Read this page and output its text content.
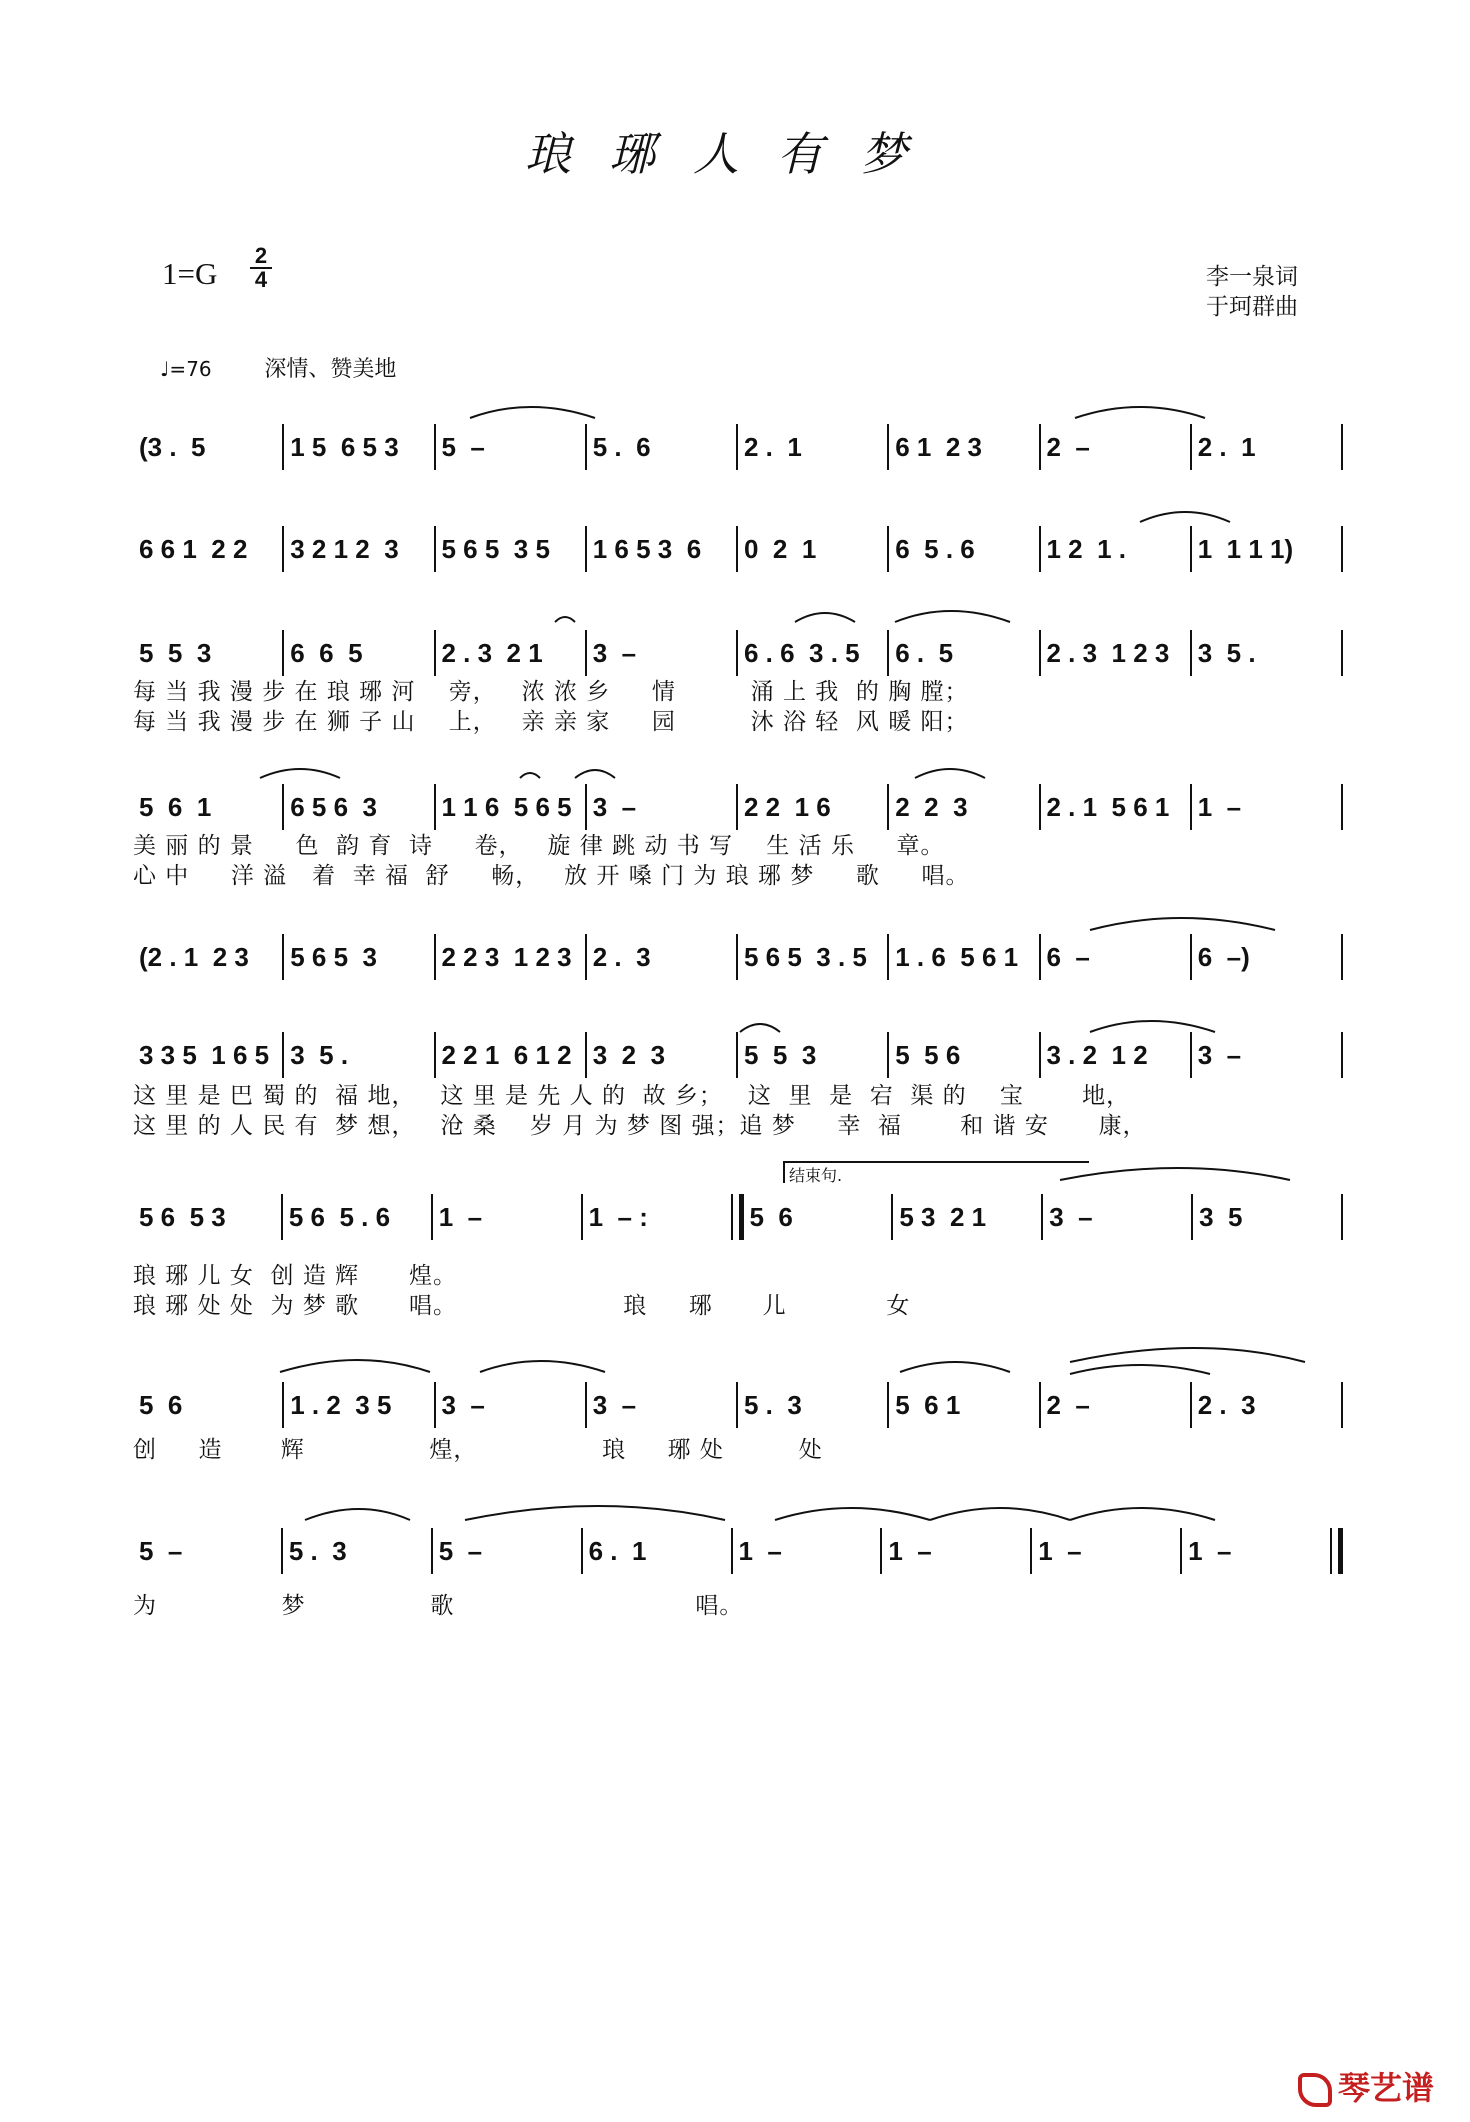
琅琊人有梦
1=G
2
4	李一泉词
于珂群曲
♩=76 深情、赞美地
(3 .  5	1 5  6 5 3	5  –	5 .  6	2 .  1	6 1  2 3	2  –	2 .  1
6 6 1  2 2	3 2 1 2  3	5 6 5  3 5	1 6 5 3  6	0  2  1	6  5 . 6	1 2  1 .	1  1 1 1)
5  5  3	6  6  5	2 . 3  2 1	3  –	6 . 6  3 . 5	6 .  5	2 . 3  1 2 3	3  5 .
每 当 我 漫 步 在 琅 琊 河    旁，   浓 浓 乡     情         涌 上 我  的 胸 膛；
每 当 我 漫 步 在 狮 子 山    上，   亲 亲 家     园         沐 浴 轻  风 暖 阳；
5  6  1	6 5 6  3	1 1 6  5 6 5 3  –	2 2  1 6	2  2  3	2 . 1  5 6 1	1  –
美 丽 的 景     色  韵 育  诗     卷，   旋 律 跳 动 书 写    生 活 乐     章。
心 中     洋 溢   着  幸 福  舒     畅，   放 开 嗓 门 为 琅 琊 梦     歌     唱。
(2 . 1  2 3	5 6 5  3	2 2 3  1 2 3 2 .  3	5 6 5  3 . 5	1 . 6  5 6 1	6  –	6  –)
3 3 5  1 6 5 3  5 .	2 2 1  6 1 2 3  2  3	5  5  3	5  5 6	3 . 2  1 2	3  –
这 里 是 巴 蜀 的  福 地，   这 里 是 先 人 的  故 乡；   这  里  是  宕  渠 的    宝       地，
这 里 的 人 民 有  梦 想，   沧 桑    岁 月 为 梦 图 强；追 梦     幸  福       和 谐 安      康，
结束句.
5 6  5 3	5 6  5 . 6	1  –	1  – :	5  6	5 3  2 1	3  –	3  5
琅 琊 儿 女  创 造 辉      煌。
琅 琊 处 处  为 梦 歌      唱。                    琅     琊      儿            女
5  6	1 . 2  3 5	3  –	3  –	5 .  3	5  6 1	2  –	2 .  3
创     造       辉               煌，               琅     琊 处         处
5  –	5 .  3	5  –	6 .  1	1  –	1  –	1  –	1  –
为               梦               歌                             唱。
琴艺谱
